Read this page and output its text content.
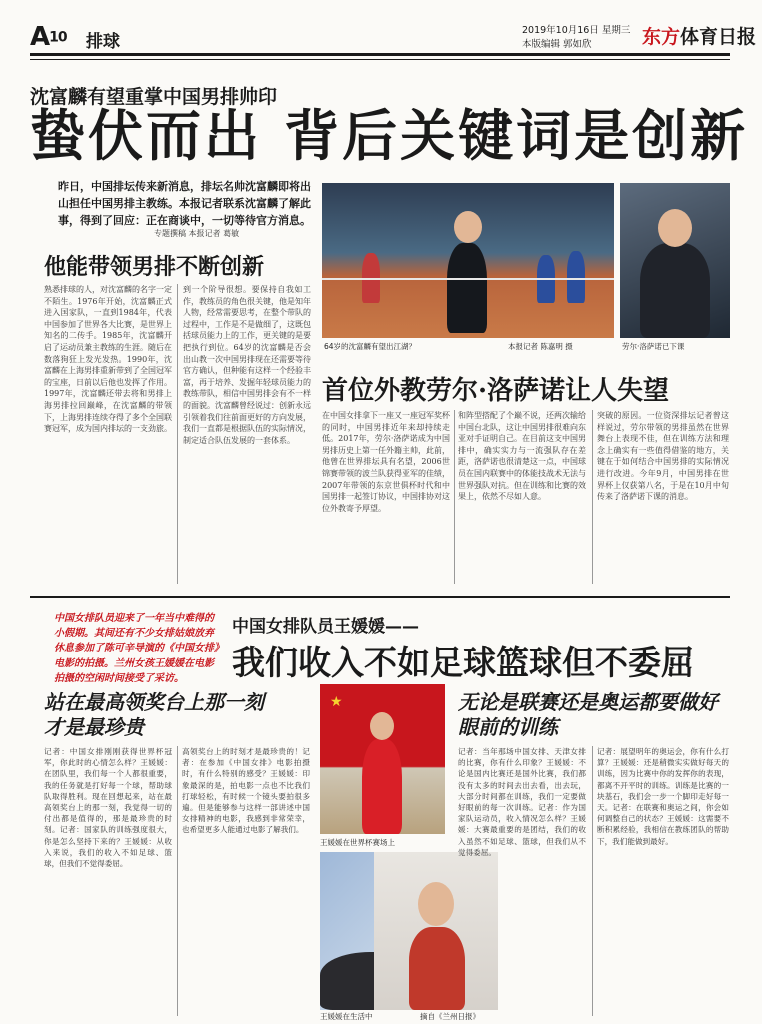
A10 排球
2019年10月16日 星期三
本版编辑 郭如欣	东方体育日报
沈富麟有望重掌中国男排帅印
蛰伏而出 背后关键词是创新
昨日，中国排坛传来新消息，排坛名帅沈富麟即将出山担任中国男排主教练。本报记者联系沈富麟了解此事，得到了回应：正在商谈中，一切等待官方消息。
专题撰稿 本报记者 葛敏
64岁的沈富麟有望出江湖？	本报记者 陈嘉明 摄	劳尔·洛萨诺已下课
他能带领男排不断创新
熟悉排球的人，对沈富麟的名字一定不陌生。1976年开始，沈富麟正式进入国家队，一直到1984年，代表中国参加了世界各大比赛，是世界上知名的二传手。1985年，沈富麟开启了运动员兼主教练的生涯。随后在数落狗狂上发光发热。1990年，沈富麟在上海男排重新带到了全国冠军的宝座，日前以后他也发挥了作用。1997年，沈富麟还带去将和男排上海男排拉回巅峰，在沈富麟的带领下，上海男排连续夺得了多个全国联赛冠军，成为国内排坛的一支劲旅。
到一个阶导很想。要保持自我如工作，教练员的角色很关键，他是知年人物，经常需要思考，在整个带队的过程中，工作是不是做细了，这既包括球员能力上的工作，更关键的是要把执行到位。64岁的沈富麟是否会出山教一次中国男排现在还需要等待官方确认，但种能有这样一个经验丰富，再于培养、发掘年轻球员能力的教练带队，相信中国男排会有不一样的面貌。沈富麟曾经说过：创新永远引领着我们往前面更好的方向发展，我们一直都是根据队伍的实际情况，制定适合队伍发展的一套体系。
首位外教劳尔·洛萨诺让人失望
在中国女排拿下一座又一座冠军奖杯的同时，中国男排近年来却持续走低。2017年，劳尔·洛萨诺成为中国男排历史上第一任外籍主帅，此前，他曾在世界排坛具有名望，2006世锦赛带领的波兰队获得亚军的佳绩，2007年带领的东京世俱杯时代和中国男排一起签订协议，中国排协对这位外教寄予厚望。
和阵型搭配了个巅不说，还两次输给中国台北队，这让中国男排很难向东亚对手证明自己。在目前这支中国男排中，确实实力与一流强队存在差距，洛萨诺也很清楚这一点，中国球员在国内联赛中的体能技战术无法与世界强队对抗。但在训练和比赛的效果上，依然不尽如人意。
突破的原因。一位资深排坛记者曾这样说过，劳尔带领的男排虽然在世界舞台上表现不佳，但在训练方法和理念上确实有一些值得借鉴的地方，关键在于如何结合中国男排的实际情况进行改进。今年9月，中国男排在世界杯上仅获第八名，于是在10月中旬传来了洛萨诺下课的消息。
中国女排队员迎来了一年当中难得的小假期。其间还有不少女排姑娘放弃休息参加了陈可辛导演的《中国女排》电影的拍摄。兰州女孩王媛媛在电影拍摄的空闲时间接受了采访。
中国女排队员王媛媛——
我们收入不如足球篮球但不委屈
站在最高领奖台上那一刻才是最珍贵
记者：中国女排刚刚获得世界杯冠军，你此时的心情怎么样？王媛媛：在团队里，我们每一个人都很重要，我的任务就是打好每一个球，帮助球队取得胜利。现在回想起来，站在最高领奖台上的那一刻，我觉得一切的付出都是值得的，那是最珍贵的时刻。记者：国家队的训练强度很大，你是怎么坚持下来的？王媛媛：从收入来说，我们的收入不如足球、篮球，但我们不觉得委屈。
高领奖台上的时刻才是最珍贵的！记者：在参加《中国女排》电影拍摄时，有什么特别的感受？王媛媛：印象最深的是，拍电影一点也不比我们打球轻松，有时候一个镜头要拍很多遍。但是能够参与这样一部讲述中国女排精神的电影，我感到非常荣幸，也希望更多人能通过电影了解我们。
★
王媛媛在世界杯赛场上
王媛媛在生活中	摘自《兰州日报》
无论是联赛还是奥运都要做好眼前的训练
记者：当年那场中国女排、天津女排的比赛，你有什么印象？王媛媛：不论是国内比赛还是国外比赛，我们都没有太多的时间去出去看，出去玩，大部分时间都在训练，我们一定要做好眼前的每一次训练。记者：作为国家队运动员，收入情况怎么样？王媛媛：大赛最重要的是团结，我们的收入虽然不如足球、篮球，但我们从不觉得委屈。
记者：展望明年的奥运会，你有什么打算？王媛媛：还是稍微实实做好每天的训练，因为比赛中你的发挥你的表现，都离不开平时的训练。训练是比赛的一块基石，我们会一步一个脚印走好每一天。记者：在联赛和奥运之间，你会如何调整自己的状态？王媛媛：这需要不断积累经验，我相信在教练团队的帮助下，我们能做到最好。
